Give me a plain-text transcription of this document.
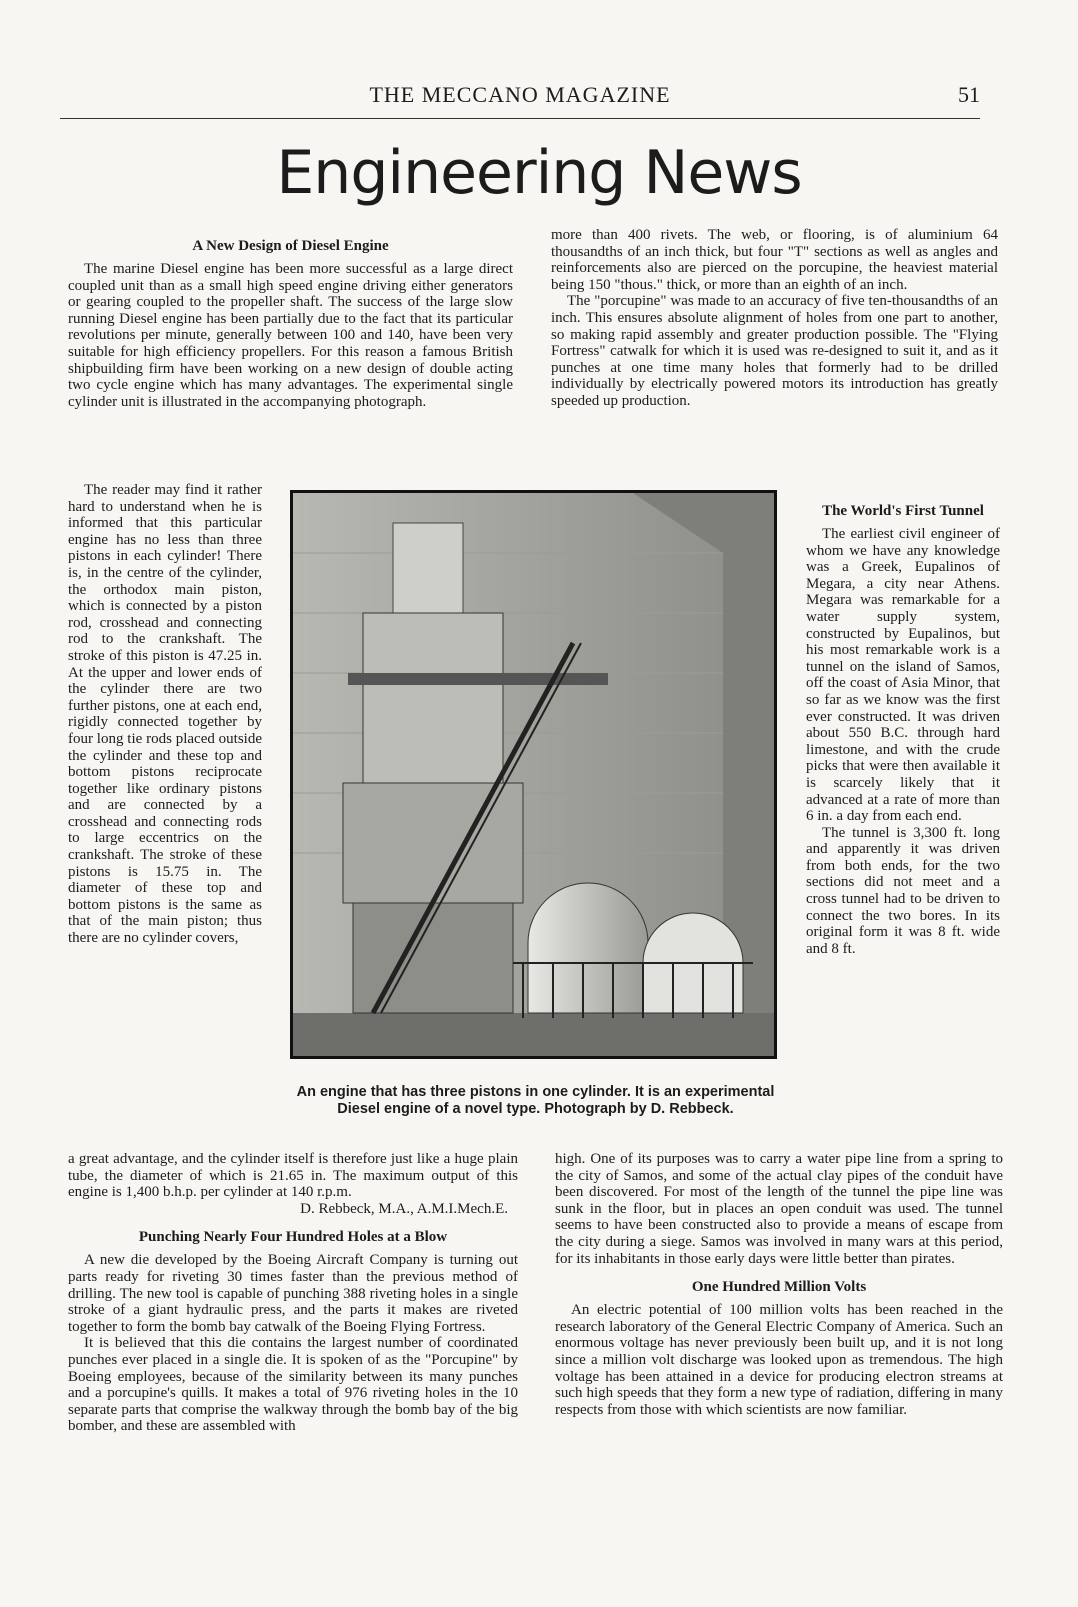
THE MECCANO MAGAZINE	51
Engineering News
A New Design of Diesel Engine

The marine Diesel engine has been more successful as a large direct coupled unit than as a small high speed engine driving either generators or gearing coupled to the propeller shaft. The success of the large slow running Diesel engine has been partially due to the fact that its particular revolutions per minute, generally between 100 and 140, have been very suitable for high efficiency propellers. For this reason a famous British shipbuilding firm have been working on a new design of double acting two cycle engine which has many advantages. The experimental single cylinder unit is illustrated in the accompanying photograph.

The reader may find it rather hard to understand when he is informed that this particular engine has no less than three pistons in each cylinder! There is, in the centre of the cylinder, the orthodox main piston, which is connected by a piston rod, crosshead and connecting rod to the crankshaft. The stroke of this piston is 47.25 in. At the upper and lower ends of the cylinder there are two further pistons, one at each end, rigidly connected together by four long tie rods placed outside the cylinder and these top and bottom pistons reciprocate together like ordinary pistons and are connected by a crosshead and connecting rods to large eccentrics on the crankshaft. The stroke of these pistons is 15.75 in. The diameter of these top and bottom pistons is the same as that of the main piston; thus there are no cylinder covers,

a great advantage, and the cylinder itself is therefore just like a huge plain tube, the diameter of which is 21.65 in. The maximum output of this engine is 1,400 b.h.p. per cylinder at 140 r.p.m.

D. Rebbeck, M.A., A.M.I.Mech.E.
Punching Nearly Four Hundred Holes at a Blow

A new die developed by the Boeing Aircraft Company is turning out parts ready for riveting 30 times faster than the previous method of drilling. The new tool is capable of punching 388 riveting holes in a single stroke of a giant hydraulic press, and the parts it makes are riveted together to form the bomb bay catwalk of the Boeing Flying Fortress.

It is believed that this die contains the largest number of coordinated punches ever placed in a single die. It is spoken of as the "Porcupine" by Boeing employees, because of the similarity between its many punches and a porcupine's quills. It makes a total of 976 riveting holes in the 10 separate parts that comprise the walkway through the bomb bay of the big bomber, and these are assembled with

more than 400 rivets. The web, or flooring, is of aluminium 64 thousandths of an inch thick, but four "T" sections as well as angles and reinforcements also are pierced on the porcupine, the heaviest material being 150 "thous." thick, or more than an eighth of an inch.

The "porcupine" was made to an accuracy of five ten-thousandths of an inch. This ensures absolute alignment of holes from one part to another, so making rapid assembly and greater production possible. The "Flying Fortress" catwalk for which it is used was re-designed to suit it, and as it punches at one time many holes that formerly had to be drilled individually by electrically powered motors its introduction has greatly speeded up production.

The World's First Tunnel

The earliest civil engineer of whom we have any knowledge was a Greek, Eupalinos of Megara, a city near Athens. Megara was remarkable for a water supply system, constructed by Eupalinos, but his most remarkable work is a tunnel on the island of Samos, off the coast of Asia Minor, that so far as we know was the first ever constructed. It was driven about 550 B.C. through hard limestone, and with the crude picks that were then available it is scarcely likely that it advanced at a rate of more than 6 in. a day from each end.

The tunnel is 3,300 ft. long and apparently it was driven from both ends, for the two sections did not meet and a cross tunnel had to be driven to connect the two bores. In its original form it was 8 ft. wide and 8 ft.

high. One of its purposes was to carry a water pipe line from a spring to the city of Samos, and some of the actual clay pipes of the conduit have been discovered. For most of the length of the tunnel the pipe line was sunk in the floor, but in places an open conduit was used. The tunnel seems to have been constructed also to provide a means of escape from the city during a siege. Samos was involved in many wars at this period, for its inhabitants in those early days were little better than pirates.

One Hundred Million Volts

An electric potential of 100 million volts has been reached in the research laboratory of the General Electric Company of America. Such an enormous voltage has never previously been built up, and it is not long since a million volt discharge was looked upon as tremendous. The high voltage has been attained in a device for producing electron streams at such high speeds that they form a new type of radiation, differing in many respects from those with which scientists are now familiar.

An engine that has three pistons in one cylinder. It is an experimental Diesel engine of a novel type. Photograph by D. Rebbeck.
